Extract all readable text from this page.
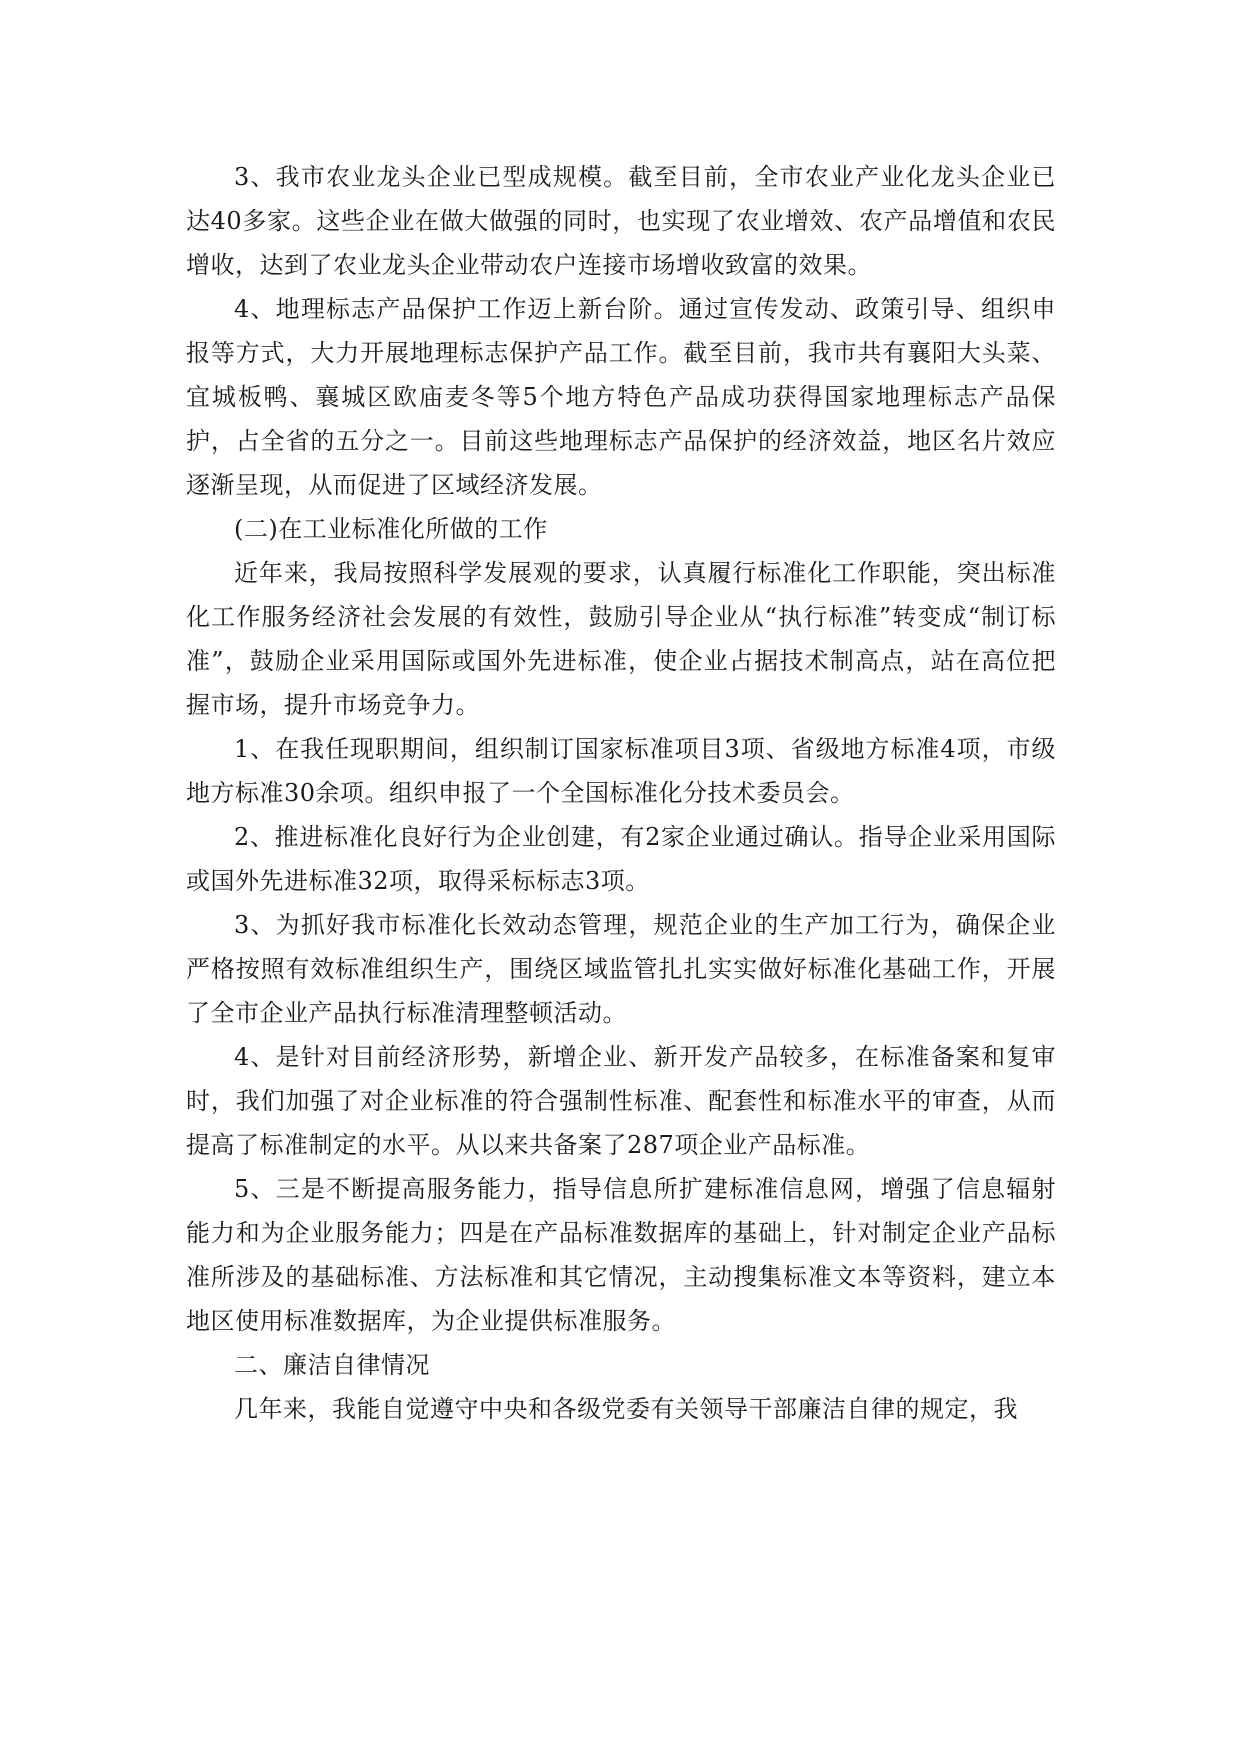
3、我市农业龙头企业已型成规模。截至目前，全市农业产业化龙头企业已达40多家。这些企业在做大做强的同时，也实现了农业增效、农产品增值和农民增收，达到了农业龙头企业带动农户连接市场增收致富的效果。

4、地理标志产品保护工作迈上新台阶。通过宣传发动、政策引导、组织申报等方式，大力开展地理标志保护产品工作。截至目前，我市共有襄阳大头菜、宜城板鸭、襄城区欧庙麦冬等5个地方特色产品成功获得国家地理标志产品保护，占全省的五分之一。目前这些地理标志产品保护的经济效益，地区名片效应逐渐呈现，从而促进了区域经济发展。

(二)在工业标准化所做的工作

近年来，我局按照科学发展观的要求，认真履行标准化工作职能，突出标准化工作服务经济社会发展的有效性，鼓励引导企业从“执行标准”转变成“制订标准”，鼓励企业采用国际或国外先进标准，使企业占据技术制高点，站在高位把握市场，提升市场竞争力。

1、在我任现职期间，组织制订国家标准项目3项、省级地方标准4项，市级地方标准30余项。组织申报了一个全国标准化分技术委员会。

2、推进标准化良好行为企业创建，有2家企业通过确认。指导企业采用国际或国外先进标准32项，取得采标标志3项。

3、为抓好我市标准化长效动态管理，规范企业的生产加工行为，确保企业严格按照有效标准组织生产，围绕区域监管扎扎实实做好标准化基础工作，开展了全市企业产品执行标准清理整顿活动。

4、是针对目前经济形势，新增企业、新开发产品较多，在标准备案和复审时，我们加强了对企业标准的符合强制性标准、配套性和标准水平的审查，从而提高了标准制定的水平。从以来共备案了287项企业产品标准。

5、三是不断提高服务能力，指导信息所扩建标准信息网，增强了信息辐射能力和为企业服务能力；四是在产品标准数据库的基础上，针对制定企业产品标准所涉及的基础标准、方法标准和其它情况，主动搜集标准文本等资料，建立本地区使用标准数据库，为企业提供标准服务。

二、廉洁自律情况

几年来，我能自觉遵守中央和各级党委有关领导干部廉洁自律的规定，我
